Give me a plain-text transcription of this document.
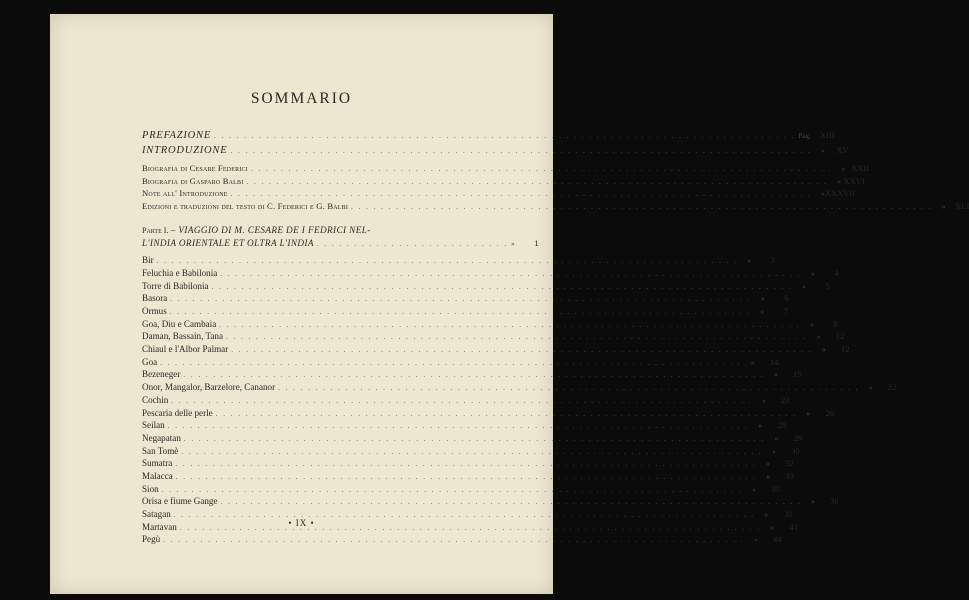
SOMMARIO
PREFAZIONE . . .	Pag.	XIII
INTRODUZIONE . . .	»	XV
Biografia di Cesare Federici . . .	» XXII
Biografia di Gasparo Balbi . . .	» XXVI
Note all' Introduzione . . .	» XXXVII
Edizioni e traduzioni del testo di C. Federici e G. Balbi . . .	»	XLI
Parte I. – VIAGGIO DI M. CESARE DE I FEDRICI NEL-
L'INDIA ORIENTALE ET OLTRA L'INDIA . . . . . . . . . . . . . . . . . . . . . . . . . . »	1
Bir . . .	»	3
Feluchia e Babilonia . . .	»	4
Torre di Babilonia . . .	»	5
Basora . . .	»	6
Ormus . . .	»	7
Goa, Diu e Cambaia . . .	»	8
Daman, Bassain, Tana . . .	»	12
Chiaul e l'Albor Palmar . . .	»	12
Goa . . .	»	14
Bezeneger . . .	»	15
Onor, Mangalor, Barzelore, Cananor . . .	»	22
Cochin . . .	»	23
Pescaria delle perle . . .	»	26
Seilan . . .	»	28
Negapatan . . .	»	29
San Tomè . . .	»	30
Sumatra . . .	»	32
Malacca . . .	»	33
Sion . . .	»	35
Orisa e fiume Gange . . .	»	36
Satagan . . .	»	38
Martavan . . .	»	41
Pegù . . .	»	44
• IX •
